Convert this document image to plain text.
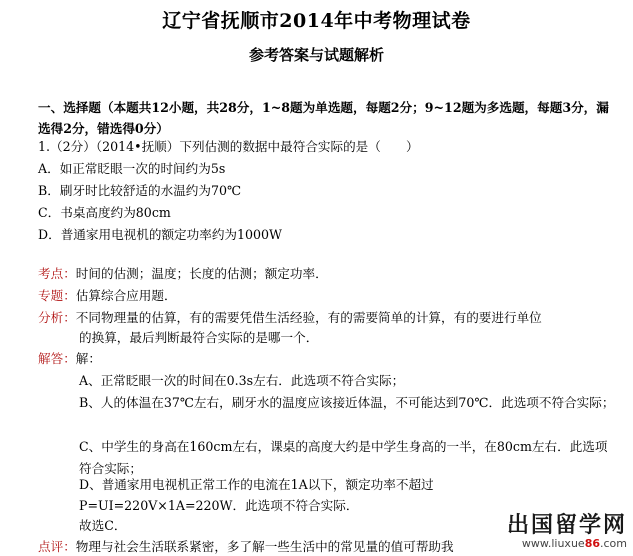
辽宁省抚顺市2014年中考物理试卷
参考答案与试题解析
一、选择题（本题共12小题，共28分，1~8题为单选题，每题2分；9~12题为多选题，每题3分，漏选得2分，错选得0分）
1.（2分）（2014•抚顺）下列估测的数据中最符合实际的是（　　）
A．如正常眨眼一次的时间约为5s
B．刷牙时比较舒适的水温约为70℃
C．书桌高度约为80cm
D．普通家用电视机的额定功率约为1000W
考点：时间的估测；温度；长度的估测；额定功率．
专题：估算综合应用题．
分析：不同物理量的估算，有的需要凭借生活经验，有的需要简单的计算，有的要进行单位
的换算，最后判断最符合实际的是哪一个．
解答：解：
A、正常眨眼一次的时间在0.3s左右．此选项不符合实际；
B、人的体温在37℃左右，刷牙水的温度应该接近体温，不可能达到70℃．此选项不符合实际；
C、中学生的身高在160cm左右，课桌的高度大约是中学生身高的一半，在80cm左右．此选项符合实际；
D、普通家用电视机正常工作的电流在1A以下，额定功率不超过
P=UI=220V×1A=220W．此选项不符合实际．
故选C．
点评：物理与社会生活联系紧密，多了解一些生活中的常见量的值可帮助我
出国留学网
www.liuxue86.com
